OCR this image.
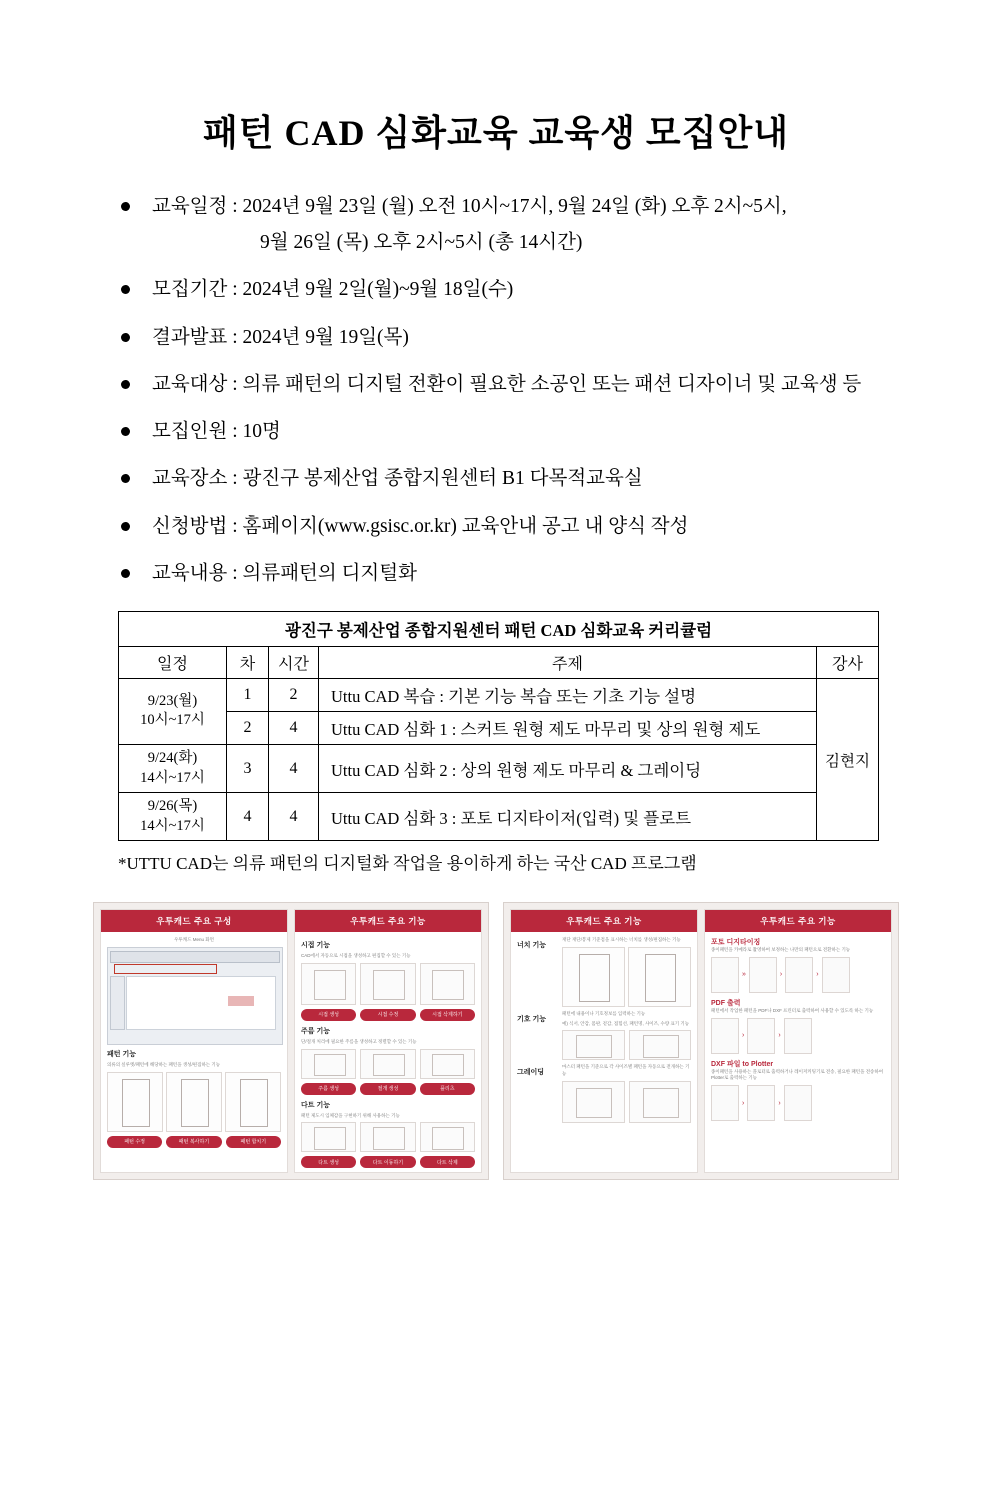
패턴 CAD 심화교육 교육생 모집안내
교육일정 : 2024년 9월 23일 (월) 오전 10시~17시, 9월 24일 (화) 오후 2시~5시,
9월 26일 (목) 오후 2시~5시 (총 14시간)
모집기간 : 2024년 9월 2일(월)~9월 18일(수)
결과발표 : 2024년 9월 19일(목)
교육대상 : 의류 패턴의 디지털 전환이 필요한 소공인 또는 패션 디자이너 및 교육생 등
모집인원 : 10명
교육장소 : 광진구 봉제산업 종합지원센터 B1 다목적교육실
신청방법 : 홈페이지(www.gsisc.or.kr) 교육안내 공고 내 양식 작성
교육내용 : 의류패턴의 디지털화
광진구 봉제산업 종합지원센터 패턴 CAD 심화교육 커리큘럼				
일정	차	시간	주제	강사
9/23(월)
10시~17시	1	2	Uttu CAD 복습 : 기본 기능 복습 또는 기초 기능 설명	김현지
	2	4	Uttu CAD 심화 1 : 스커트 원형 제도 마무리 및 상의 원형 제도	
9/24(화)
14시~17시	3	4	Uttu CAD 심화 2 : 상의 원형 제도 마무리 & 그레이딩	
9/26(목)
14시~17시	4	4	Uttu CAD 심화 3 : 포토 디지타이저(입력) 및 플로트	
*UTTU CAD는 의류 패턴의 디지털화 작업을 용이하게 하는 국산 CAD 프로그램
우투캐드 주요 구성
우투캐드 Menu 화면
패턴 기능
의류의 실루엣/패턴에 해당하는 패턴을 생성/편집하는 기능
패턴 수정	패턴 복사하기	패턴 합치기
우투캐드 주요 기능
시접 기능
CAD에서 자동으로 시접을 생성하고 편집할 수 있는 기능
시접 생성	시접 수정	시접 삭제하기
주름 기능
단/절개 처리에 필요한 주름을 생성하고 정렬할 수 있는 기능
주름 생성	절개 생성	플리츠
다트 기능
패턴 제도시 입체감을 구현하기 위해 사용하는 기능
다트 생성	다트 이동하기	다트 삭제
우투캐드 주요 기능
너치 기능
재단 재단/봉제 기준점을 표시하는 너치를 생성/편집하는 기능
기호 기능
패턴에 내용이나 기호정보를 입력하는 기능
예) 식서, 안감, 몸판, 겉감, 접힘선, 패턴명, 사이즈, 수량 표기 기능
그레이딩
마스터 패턴을 기준으로 각 사이즈별 패턴을 자동으로 전개하는 기능
우투캐드 주요 기능
포토 디지타이징
종이패턴을 카메라로 촬영하여 보정하는 나만의 패턴으로 전환하는 기능
»	›	›
PDF 출력
패턴에서 작업한 패턴을 PDF나 DXF 프린터로 출력하여 사용할 수 있도록 하는 기능
›	›
DXF 파일 to Plotter
종이패턴을 사용하는 플로터로 출력하거나 레이저커팅기로 전송, 필요한 패턴을 전송하여 Plotter로 출력하는 기능
›	›
